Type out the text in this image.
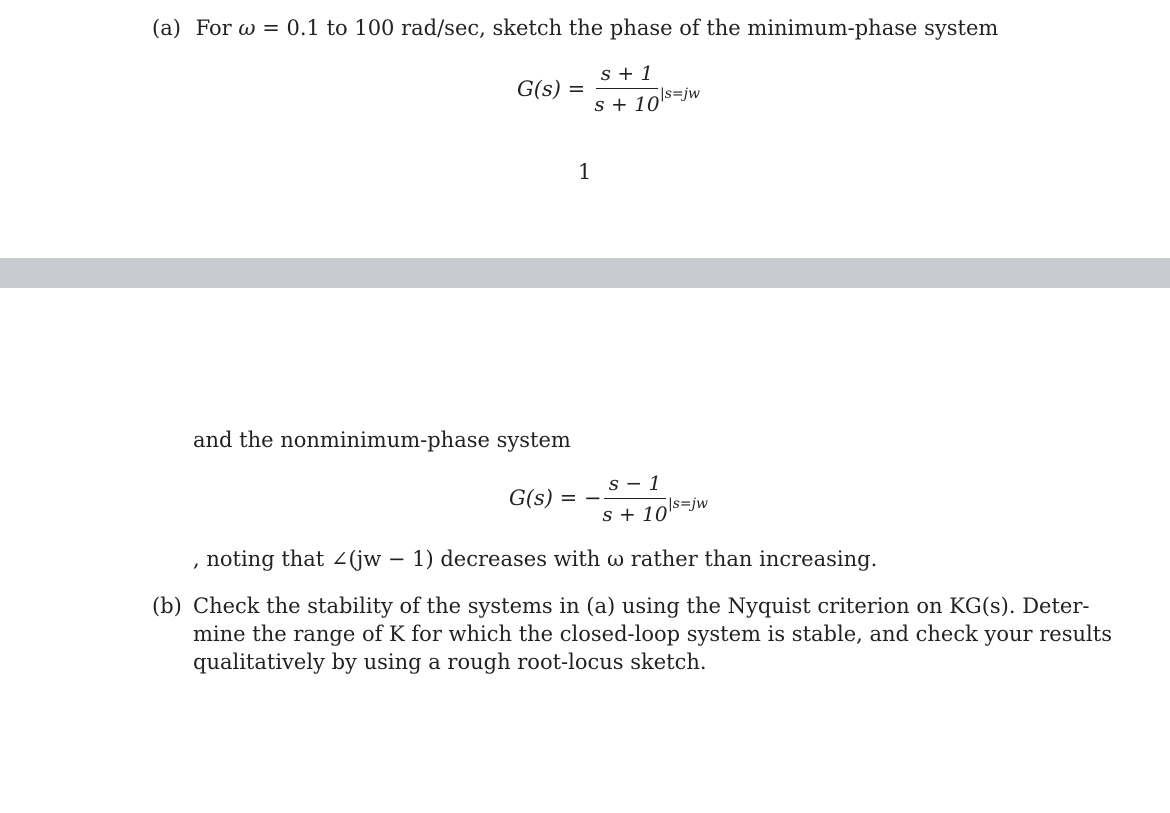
(a) For ω = 0.1 to 100 rad/sec, sketch the phase of the minimum-phase system
G(s) =
s + 1
s + 10 |s=jw
1
and the nonminimum-phase system
G(s) = −
s − 1
s + 10 |s=jw
, noting that ∠(jw − 1) decreases with ω rather than increasing.
(b) Check the stability of the systems in (a) using the Nyquist criterion on KG(s). Deter-
mine the range of K for which the closed-loop system is stable, and check your results
qualitatively by using a rough root-locus sketch.
